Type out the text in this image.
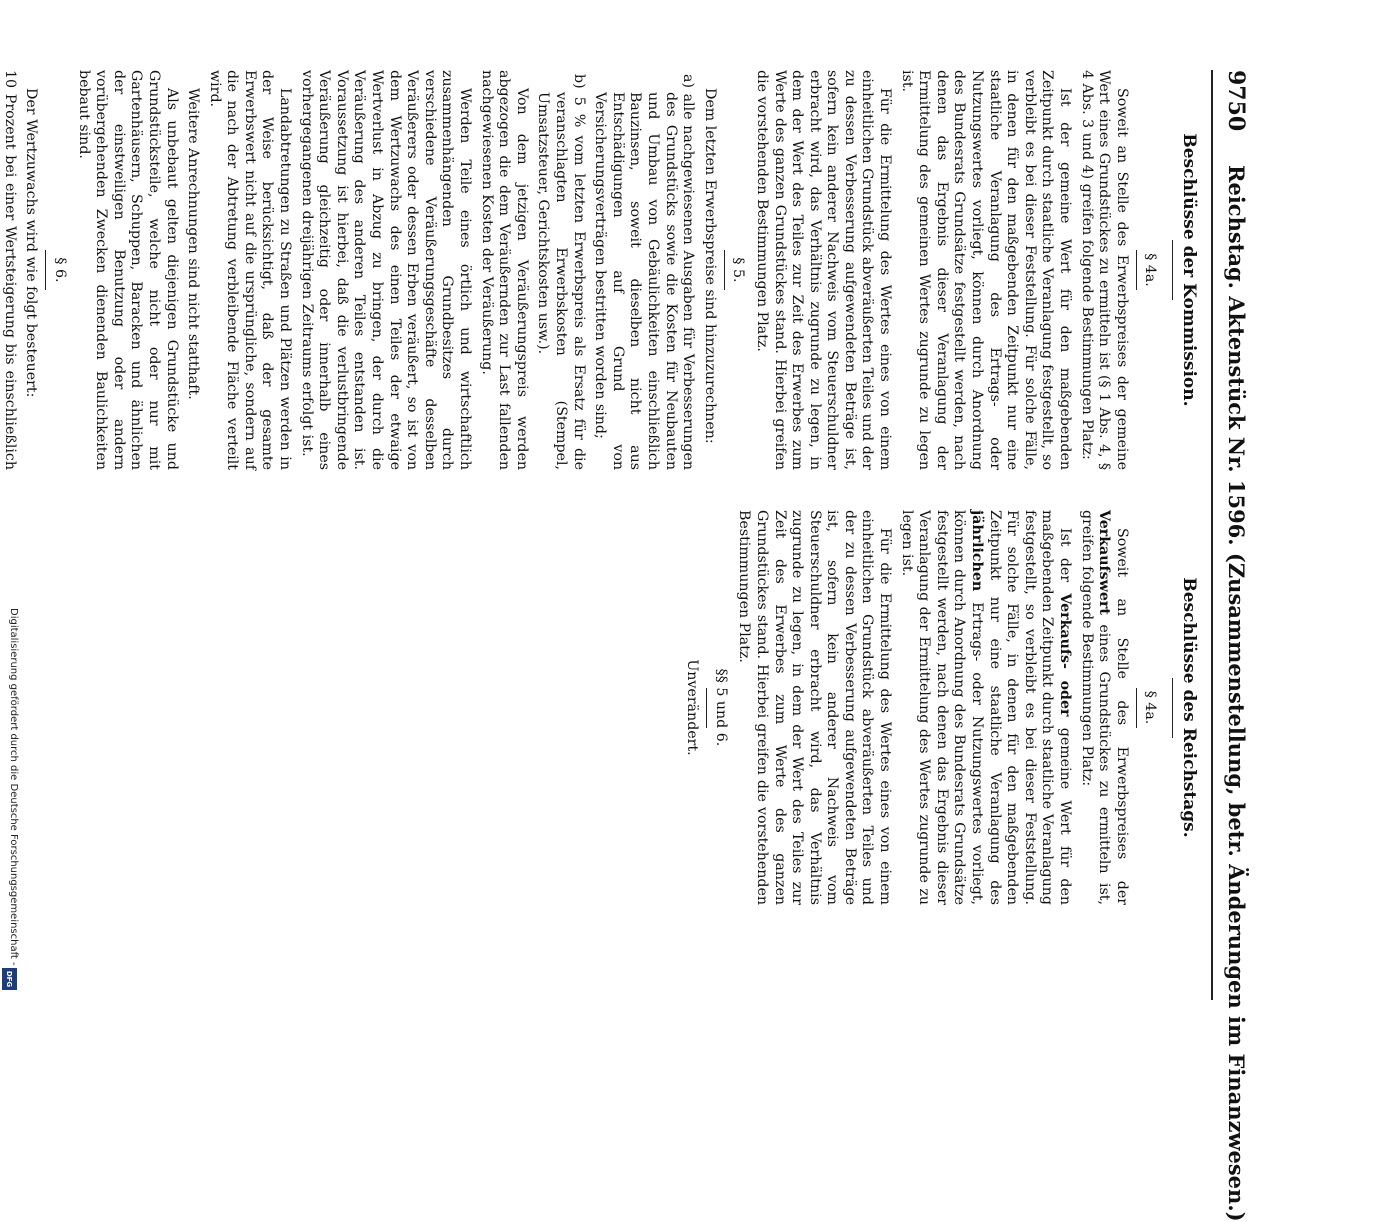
9750
Reichstag. Aktenstück Nr. 1596. (Zusammenstellung, betr. Änderungen im Finanzwesen.)
Beschlüsse der Kommission.
§ 4a.

Soweit an Stelle des Erwerbspreises der gemeine Wert eines Grundstückes zu ermitteln ist (§ 1 Abs. 4, § 4 Abs. 3 und 4) greifen folgende Bestimmungen Platz:

Ist der gemeine Wert für den maßgebenden Zeitpunkt durch staatliche Veranlagung festgestellt, so verbleibt es bei dieser Feststellung. Für solche Fälle, in denen für den maßgebenden Zeitpunkt nur eine staatliche Veranlagung des Ertrags- oder Nutzungswertes vorliegt, können durch Anordnung des Bundesrats Grundsätze festgestellt werden, nach denen das Ergebnis dieser Veranlagung der Ermittelung des gemeinen Wertes zugrunde zu legen ist.

Für die Ermittelung des Wertes eines von einem einheitlichen Grundstück abveräußerten Teiles und der zu dessen Verbesserung aufgewendeten Beträge ist, sofern kein anderer Nachweis vom Steuerschuldner erbracht wird, das Verhältnis zugrunde zu legen, in dem der Wert des Teiles zur Zeit des Erwerbes zum Werte des ganzen Grundstückes stand. Hierbei greifen die vorstehenden Bestimmungen Platz.

§ 5.

Dem letzten Erwerbspreise sind hinzuzurechnen:

a) alle nachgewiesenen Ausgaben für Verbesserungen des Grundstücks sowie die Kosten für Neubauten und Umbau von Gebäulichkeiten einschließlich Bauzinsen, soweit dieselben nicht aus Entschädigungen auf Grund von Versicherungsverträgen bestritten worden sind;
b) 5 % vom letzten Erwerbspreis als Ersatz für die veranschlagten Erwerbskosten (Stempel, Umsatzsteuer, Gerichtskosten usw.).

Von dem jetzigen Veräußerungspreis werden abgezogen die dem Veräußernden zur Last fallenden nachgewiesenen Kosten der Veräußerung.

Werden Teile eines örtlich und wirtschaftlich zusammenhängenden Grundbesitzes durch verschiedene Veräußerungsgeschäfte desselben Veräußerers oder dessen Erben veräußert, so ist von dem Wertzuwachs des einen Teiles der etwaige Wertverlust in Abzug zu bringen, der durch die Veräußerung des anderen Teiles entstanden ist. Voraussetzung ist hierbei, daß die verlustbringende Veräußerung gleichzeitig oder innerhalb eines vorhergegangenen dreijährigen Zeitraums erfolgt ist.

Landabtretungen zu Straßen und Plätzen werden in der Weise berücksichtigt, daß der gesamte Erwerbswert nicht auf die ursprüngliche, sondern auf die nach der Abtretung verbleibende Fläche verteilt wird.

Weitere Anrechnungen sind nicht statthaft.

Als unbebaut gelten diejenigen Grundstücke und Grundstücksteile, welche nicht oder nur mit Gartenhäusern, Schuppen, Baracken und ähnlichen der einstweiligen Benutzung oder andern vorübergehenden Zwecken dienenden Baulichkeiten bebaut sind.

§ 6.

Der Wertzuwachs wird wie folgt besteuert:

10 Prozent bei einer Wertsteigerung bis einschließlich
Beschlüsse des Reichstags.
§ 4a.

Soweit an Stelle des Erwerbspreises der Verkaufswert eines Grundstückes zu ermitteln ist, greifen folgende Bestimmungen Platz:

Ist der Verkaufs- oder gemeine Wert für den maßgebenden Zeitpunkt durch staatliche Veranlagung festgestellt, so verbleibt es bei dieser Feststellung. Für solche Fälle, in denen für den maßgebenden Zeitpunkt nur eine staatliche Veranlagung des jährlichen Ertrags- oder Nutzungswertes vorliegt, können durch Anordnung des Bundesrats Grundsätze festgestellt werden, nach denen das Ergebnis dieser Veranlagung der Ermittelung des Wertes zugrunde zu legen ist.

Für die Ermittelung des Wertes eines von einem einheitlichen Grundstück abveräußerten Teiles und der zu dessen Verbesserung aufgewendeten Beträge ist, sofern kein anderer Nachweis vom Steuerschuldner erbracht wird, das Verhältnis zugrunde zu legen, in dem der Wert des Teiles zur Zeit des Erwerbes zum Werte des ganzen Grundstückes stand. Hierbei greifen die vorstehenden Bestimmungen Platz.

§§ 5 und 6.
Unverändert.
Digitalisierung gefördert durch die Deutsche Forschungsgemeinschaft -
DFG
